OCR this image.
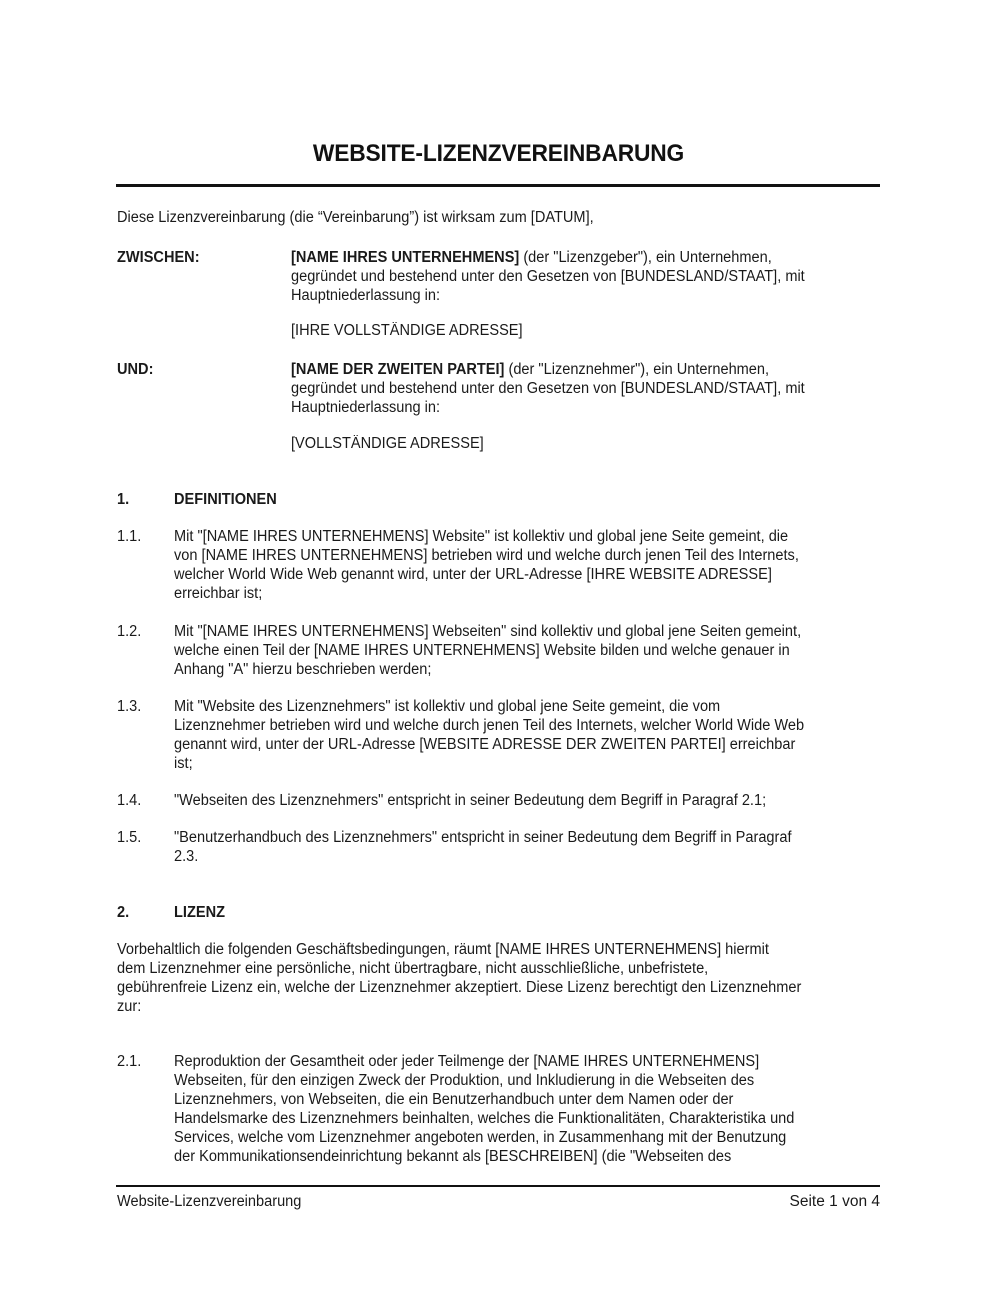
WEBSITE-LIZENZVEREINBARUNG
Diese Lizenzvereinbarung (die “Vereinbarung”) ist wirksam zum [DATUM],
ZWISCHEN:	[NAME IHRES UNTERNEHMENS] (der "Lizenzgeber"), ein Unternehmen,
gegründet und bestehend unter den Gesetzen von [BUNDESLAND/STAAT], mit
Hauptniederlassung in:
[IHRE VOLLSTÄNDIGE ADRESSE]
UND:	[NAME DER ZWEITEN PARTEI] (der "Lizenznehmer"), ein Unternehmen,
gegründet und bestehend unter den Gesetzen von [BUNDESLAND/STAAT], mit
Hauptniederlassung in:
[VOLLSTÄNDIGE ADRESSE]
1.	DEFINITIONEN
1.1. Mit "[NAME IHRES UNTERNEHMENS] Website" ist kollektiv und global jene Seite gemeint, die
von [NAME IHRES UNTERNEHMENS] betrieben wird und welche durch jenen Teil des Internets,
welcher World Wide Web genannt wird, unter der URL-Adresse [IHRE WEBSITE ADRESSE]
erreichbar ist;
1.2. Mit "[NAME IHRES UNTERNEHMENS] Webseiten" sind kollektiv und global jene Seiten gemeint,
welche einen Teil der [NAME IHRES UNTERNEHMENS] Website bilden und welche genauer in
Anhang "A" hierzu beschrieben werden;
1.3. Mit "Website des Lizenznehmers" ist kollektiv und global jene Seite gemeint, die vom
Lizenznehmer betrieben wird und welche durch jenen Teil des Internets, welcher World Wide Web
genannt wird, unter der URL-Adresse [WEBSITE ADRESSE DER ZWEITEN PARTEI] erreichbar
ist;
1.4. "Webseiten des Lizenznehmers" entspricht in seiner Bedeutung dem Begriff in Paragraf 2.1;
1.5. "Benutzerhandbuch des Lizenznehmers" entspricht in seiner Bedeutung dem Begriff in Paragraf
2.3.
2.	LIZENZ
Vorbehaltlich die folgenden Geschäftsbedingungen, räumt [NAME IHRES UNTERNEHMENS] hiermit
dem Lizenznehmer eine persönliche, nicht übertragbare, nicht ausschließliche, unbefristete,
gebührenfreie Lizenz ein, welche der Lizenznehmer akzeptiert. Diese Lizenz berechtigt den Lizenznehmer
zur:
2.1. Reproduktion der Gesamtheit oder jeder Teilmenge der [NAME IHRES UNTERNEHMENS]
Webseiten, für den einzigen Zweck der Produktion, und Inkludierung in die Webseiten des
Lizenznehmers, von Webseiten, die ein Benutzerhandbuch unter dem Namen oder der
Handelsmarke des Lizenznehmers beinhalten, welches die Funktionalitäten, Charakteristika und
Services, welche vom Lizenznehmer angeboten werden, in Zusammenhang mit der Benutzung
der Kommunikationsendeinrichtung bekannt als [BESCHREIBEN] (die "Webseiten des
Website-Lizenzvereinbarung	Seite 1 von 4
